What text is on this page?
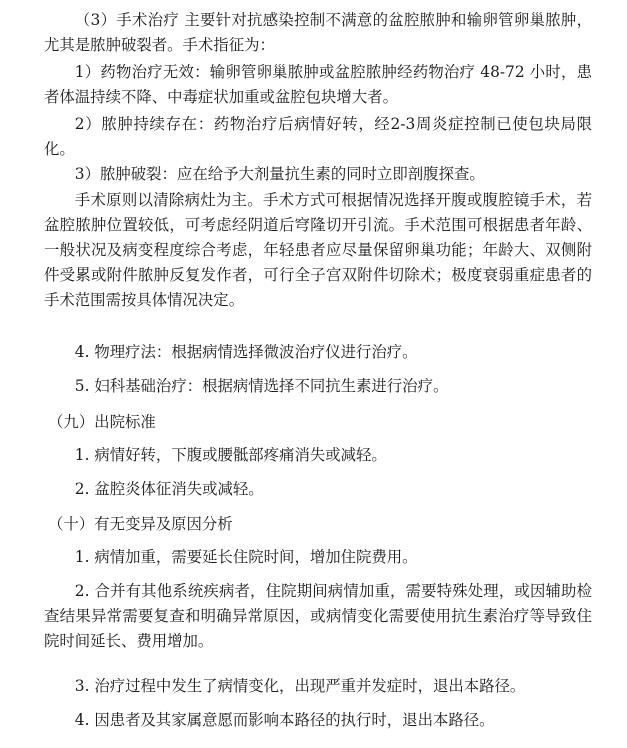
（3）手术治疗 主要针对抗感染控制不满意的盆腔脓肿和输卵管卵巢脓肿，尤其是脓肿破裂者。手术指征为：

1）药物治疗无效：输卵管卵巢脓肿或盆腔脓肿经药物治疗 48-72 小时，患者体温持续不降、中毒症状加重或盆腔包块增大者。

2）脓肿持续存在：药物治疗后病情好转，经2-3周炎症控制已使包块局限化。

3）脓肿破裂：应在给予大剂量抗生素的同时立即剖腹探查。

手术原则以清除病灶为主。手术方式可根据情况选择开腹或腹腔镜手术，若盆腔脓肿位置较低，可考虑经阴道后穹隆切开引流。手术范围可根据患者年龄、一般状况及病变程度综合考虑，年轻患者应尽量保留卵巢功能；年龄大、双侧附件受累或附件脓肿反复发作者，可行全子宫双附件切除术；极度衰弱重症患者的手术范围需按具体情况决定。

4. 物理疗法：根据病情选择微波治疗仪进行治疗。

5. 妇科基础治疗：根据病情选择不同抗生素进行治疗。

（九）出院标准

1. 病情好转，下腹或腰骶部疼痛消失或减轻。

2. 盆腔炎体征消失或减轻。

（十）有无变异及原因分析

1. 病情加重，需要延长住院时间，增加住院费用。

2. 合并有其他系统疾病者，住院期间病情加重，需要特殊处理，或因辅助检查结果异常需要复查和明确异常原因，或病情变化需要使用抗生素治疗等导致住院时间延长、费用增加。

3. 治疗过程中发生了病情变化，出现严重并发症时，退出本路径。

4. 因患者及其家属意愿而影响本路径的执行时，退出本路径。
